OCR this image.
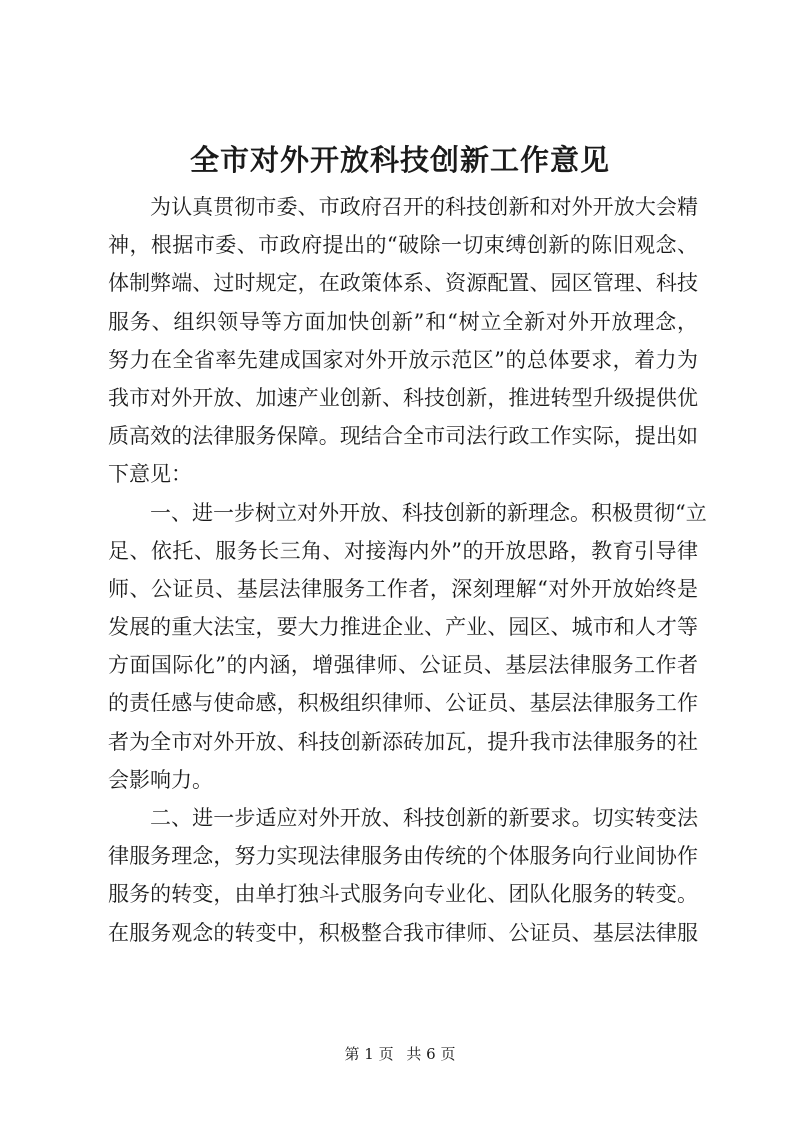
全市对外开放科技创新工作意见
为认真贯彻市委、市政府召开的科技创新和对外开放大会精
神，根据市委、市政府提出的“破除一切束缚创新的陈旧观念、
体制弊端、过时规定，在政策体系、资源配置、园区管理、科技
服务、组织领导等方面加快创新”和“树立全新对外开放理念，
努力在全省率先建成国家对外开放示范区”的总体要求，着力为
我市对外开放、加速产业创新、科技创新，推进转型升级提供优
质高效的法律服务保障。现结合全市司法行政工作实际，提出如
下意见：
一、进一步树立对外开放、科技创新的新理念。积极贯彻“立
足、依托、服务长三角、对接海内外”的开放思路，教育引导律
师、公证员、基层法律服务工作者，深刻理解“对外开放始终是
发展的重大法宝，要大力推进企业、产业、园区、城市和人才等
方面国际化”的内涵，增强律师、公证员、基层法律服务工作者
的责任感与使命感，积极组织律师、公证员、基层法律服务工作
者为全市对外开放、科技创新添砖加瓦，提升我市法律服务的社
会影响力。
二、进一步适应对外开放、科技创新的新要求。切实转变法
律服务理念，努力实现法律服务由传统的个体服务向行业间协作
服务的转变，由单打独斗式服务向专业化、团队化服务的转变。
在服务观念的转变中，积极整合我市律师、公证员、基层法律服
第 1 页 共 6 页
